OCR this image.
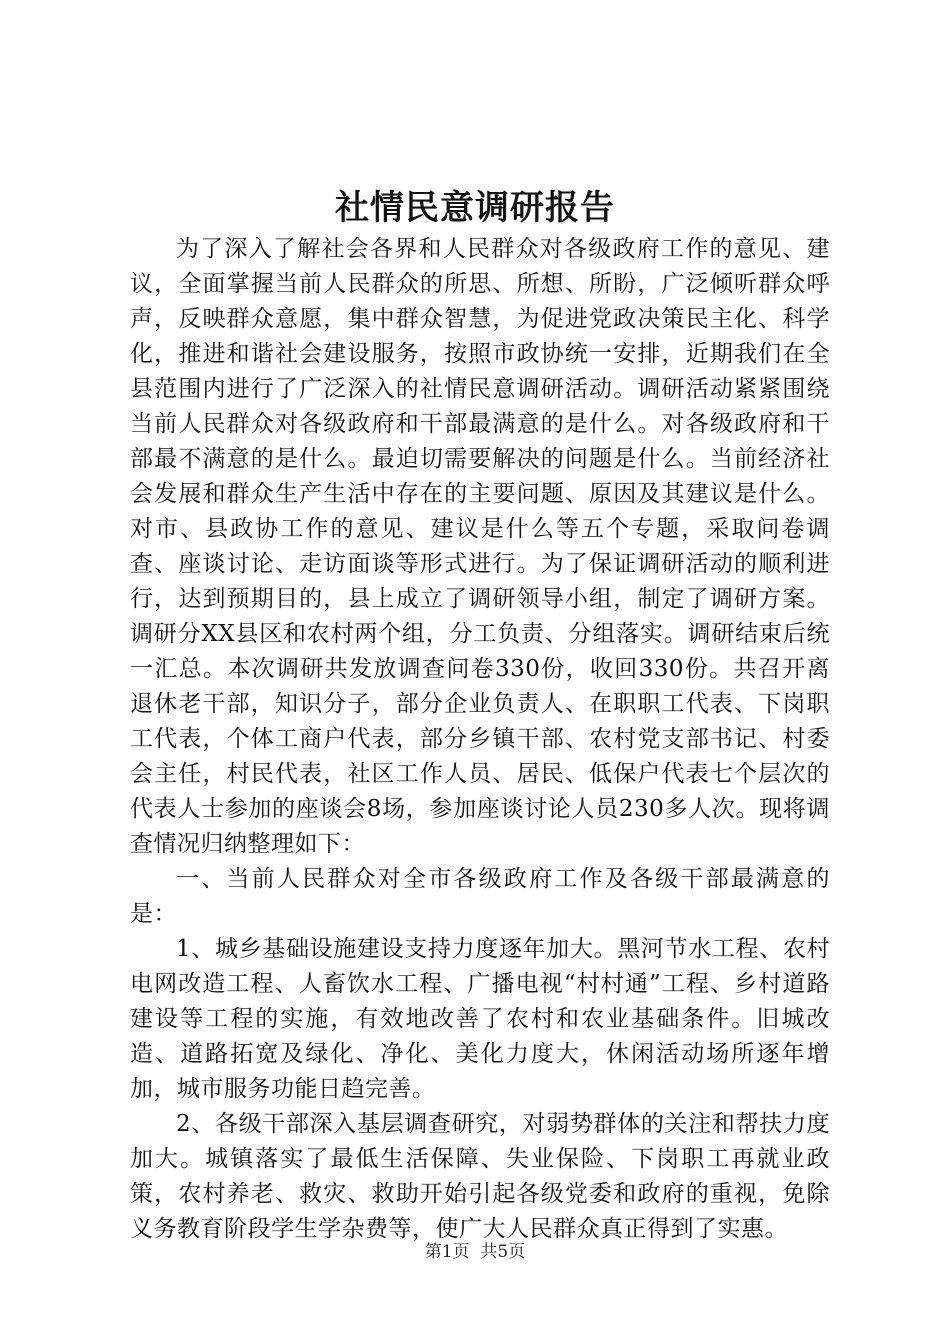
社情民意调研报告

为了深入了解社会各界和人民群众对各级政府工作的意见、建议，全面掌握当前人民群众的所思、所想、所盼，广泛倾听群众呼声，反映群众意愿，集中群众智慧，为促进党政决策民主化、科学化，推进和谐社会建设服务，按照市政协统一安排，近期我们在全县范围内进行了广泛深入的社情民意调研活动。调研活动紧紧围绕当前人民群众对各级政府和干部最满意的是什么。对各级政府和干部最不满意的是什么。最迫切需要解决的问题是什么。当前经济社会发展和群众生产生活中存在的主要问题、原因及其建议是什么。对市、县政协工作的意见、建议是什么等五个专题，采取问卷调查、座谈讨论、走访面谈等形式进行。为了保证调研活动的顺利进行，达到预期目的，县上成立了调研领导小组，制定了调研方案。调研分XX县区和农村两个组，分工负责、分组落实。调研结束后统一汇总。本次调研共发放调查问卷330份，收回330份。共召开离退休老干部，知识分子，部分企业负责人、在职职工代表、下岗职工代表，个体工商户代表，部分乡镇干部、农村党支部书记、村委会主任，村民代表，社区工作人员、居民、低保户代表七个层次的代表人士参加的座谈会8场，参加座谈讨论人员230多人次。现将调查情况归纳整理如下：

一、当前人民群众对全市各级政府工作及各级干部最满意的是：

1、城乡基础设施建设支持力度逐年加大。黑河节水工程、农村电网改造工程、人畜饮水工程、广播电视“村村通”工程、乡村道路建设等工程的实施，有效地改善了农村和农业基础条件。旧城改造、道路拓宽及绿化、净化、美化力度大，休闲活动场所逐年增加，城市服务功能日趋完善。

2、各级干部深入基层调查研究，对弱势群体的关注和帮扶力度加大。城镇落实了最低生活保障、失业保险、下岗职工再就业政策，农村养老、救灾、救助开始引起各级党委和政府的重视，免除义务教育阶段学生学杂费等，使广大人民群众真正得到了实惠。

第1页 共5页
